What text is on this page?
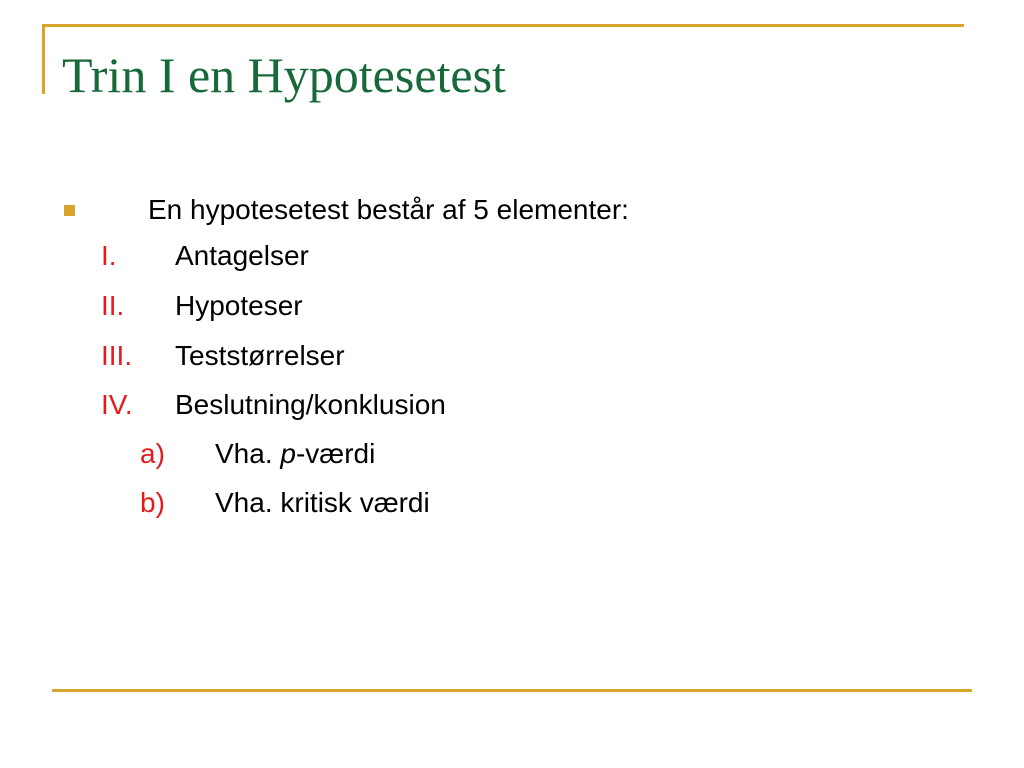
Trin I en Hypotesetest
En hypotesetest består af 5 elementer:
I. Antagelser
II. Hypoteser
III. Teststørrelser
IV. Beslutning/konklusion
a) Vha. p-værdi
b) Vha. kritisk værdi
